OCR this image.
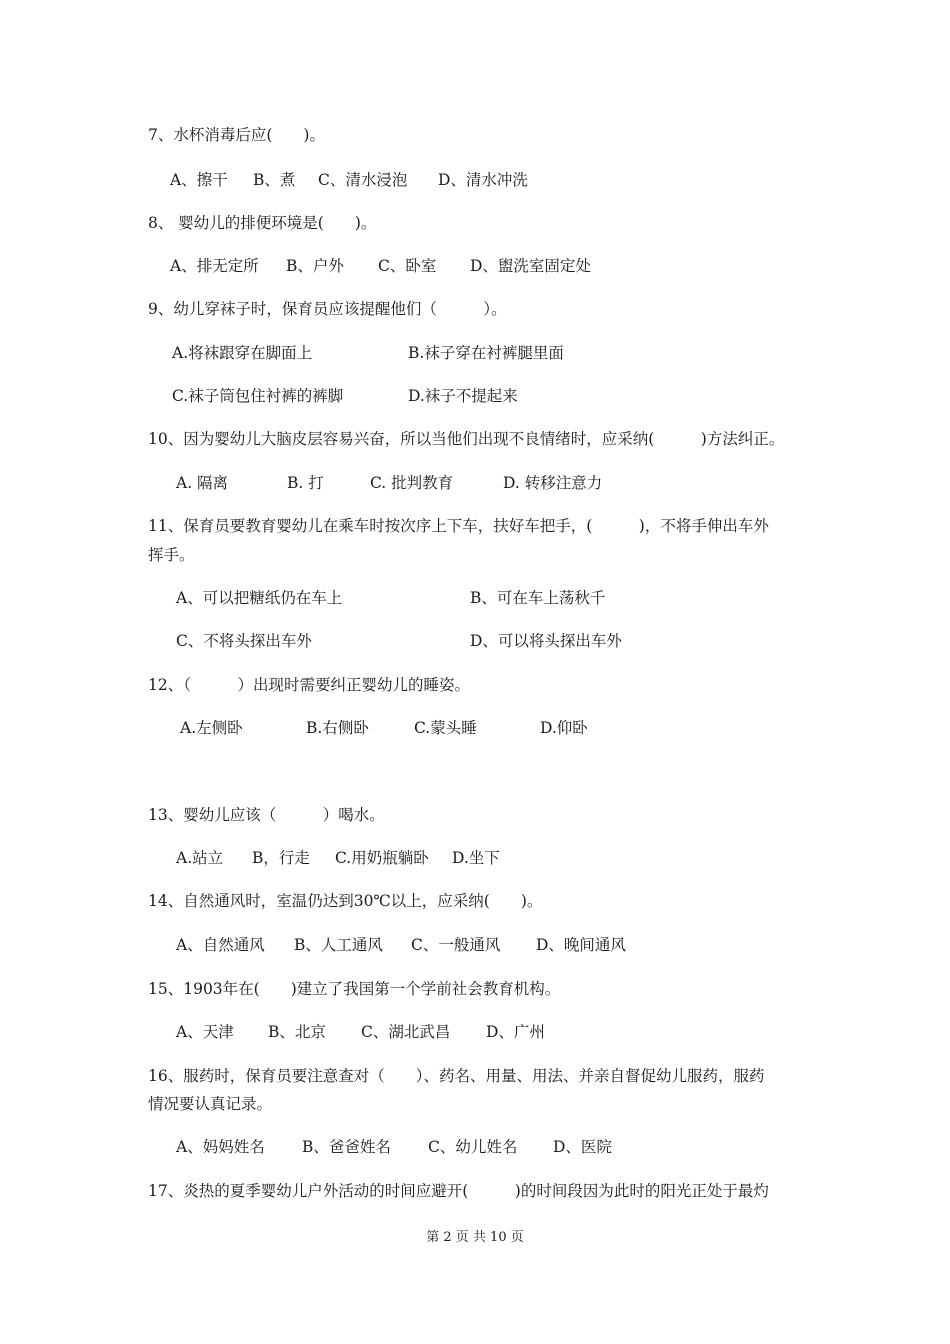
7、水杯消毒后应(　　)。
A、擦干 B、煮 C、清水浸泡 D、清水冲洗
8、 婴幼儿的排便环境是(　　)。
A、排无定所 B、户外 C、卧室 D、盥洗室固定处
9、幼儿穿袜子时，保育员应该提醒他们（　　　）。
A.将袜跟穿在脚面上	B.袜子穿在衬裤腿里面
C.袜子筒包住衬裤的裤脚	D.袜子不提起来
10、因为婴幼儿大脑皮层容易兴奋，所以当他们出现不良情绪时，应采纳(　　　)方法纠正。
A. 隔离	B. 打	C. 批判教育	D. 转移注意力
11、保育员要教育婴幼儿在乘车时按次序上下车，扶好车把手，(　　　)，不将手伸出车外
挥手。
A、可以把糖纸仍在车上	B、可在车上荡秋千
C、不将头探出车外	D、可以将头探出车外
12、（　　　）出现时需要纠正婴幼儿的睡姿。
A.左侧卧	B.右侧卧	C.蒙头睡	D.仰卧
13、婴幼儿应该（　　　）喝水。
A.站立 B，行走 C.用奶瓶躺卧 D.坐下
14、自然通风时，室温仍达到30℃以上，应采纳(　　)。
A、自然通风 B、人工通风 C、一般通风 D、晚间通风
15、1903年在(　　)建立了我国第一个学前社会教育机构。
A、天津 B、北京 C、湖北武昌 D、广州
16、服药时，保育员要注意查对（　　）、药名、用量、用法、并亲自督促幼儿服药，服药
情况要认真记录。
A、妈妈姓名 B、爸爸姓名 C、幼儿姓名 D、医院
17、炎热的夏季婴幼儿户外活动的时间应避开(　　　)的时间段因为此时的阳光正处于最灼
第 2 页 共 10 页
